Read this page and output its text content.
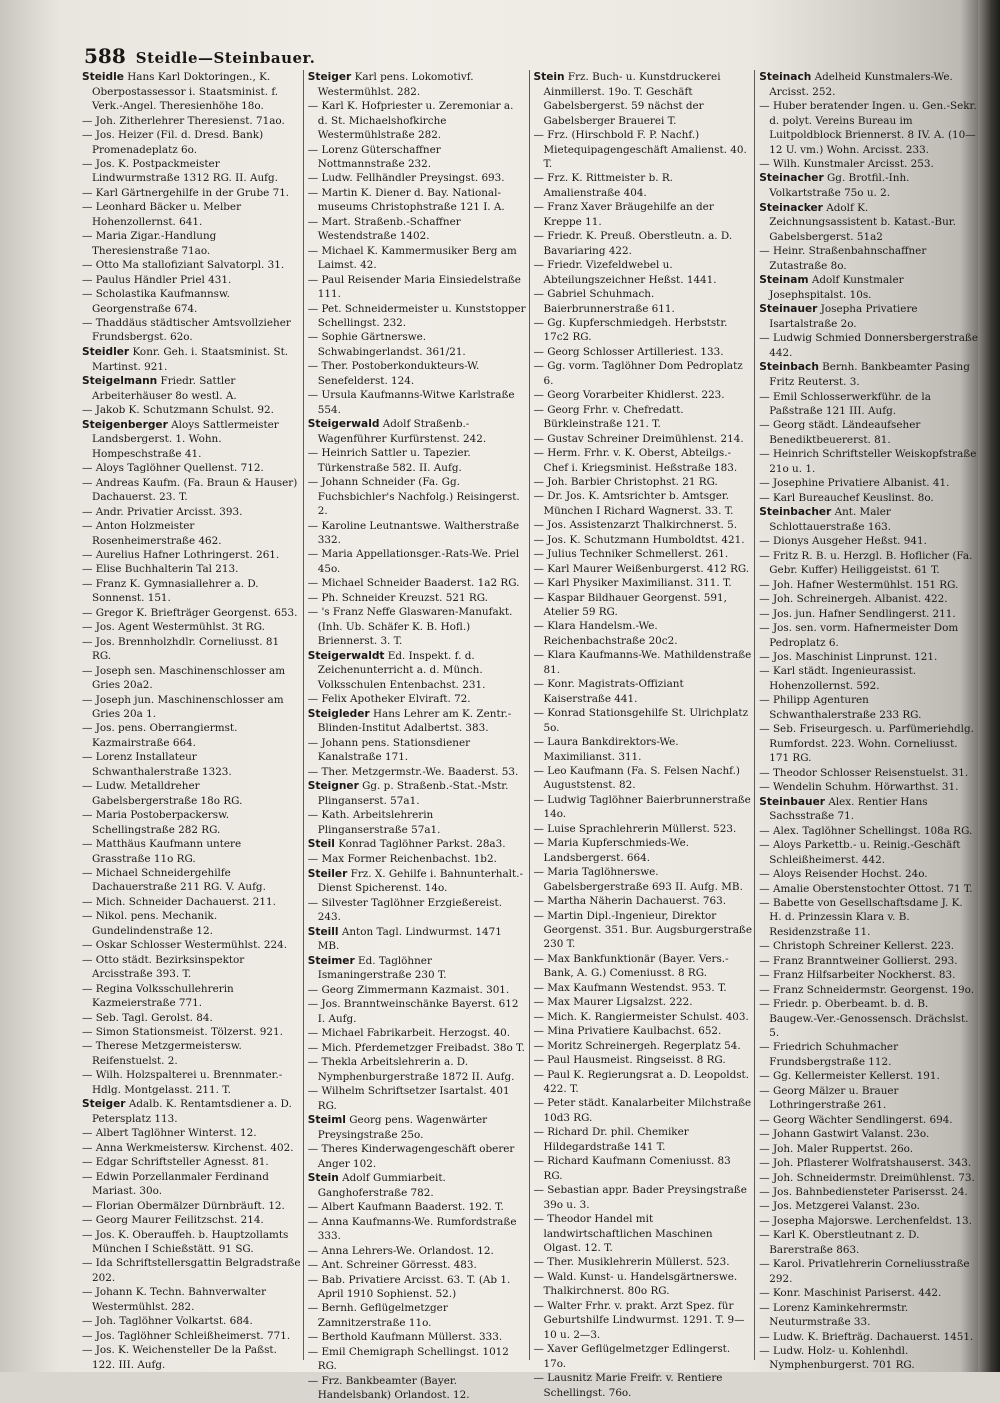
588 Steidle—Steinbauer.

Steidle Hans Karl Doktoringen., K. Oberpostassessor i. Staatsminist. f. Verk.-Angel. Theresienhöhe 18o.

— Joh. Zitherlehrer Theresienst. 71ao.

— Jos. Heizer (Fil. d. Dresd. Bank) Promenadeplatz 6o.

— Jos. K. Postpackmeister Lindwurmstraße 1312 RG. II. Aufg.

— Karl Gärtnergehilfe in der Grube 71.

— Leonhard Bäcker u. Melber Hohenzollernst. 641.

— Maria Zigar.-Handlung Theresienstraße 71ao.

— Otto Ma stallofiziant Salvatorpl. 31.

— Paulus Händler Priel 431.

— Scholastika Kaufmannsw. Georgenstraße 674.

— Thaddäus städtischer Amtsvollzieher Frundsbergst. 62o.

Steidler Konr. Geh. i. Staatsminist. St. Martinst. 921.

Steigelmann Friedr. Sattler Arbeiterhäuser 8o westl. A.

— Jakob K. Schutzmann Schulst. 92.

Steigenberger Aloys Sattlermeister Landsbergerst. 1. Wohn. Hompeschstraße 41.

— Aloys Taglöhner Quellenst. 712.

— Andreas Kaufm. (Fa. Braun & Hauser) Dachauerst. 23. T.

— Andr. Privatier Arcisst. 393.

— Anton Holzmeister Rosenheimerstraße 462.

— Aurelius Hafner Lothringerst. 261.

— Elise Buchhalterin Tal 213.

— Franz K. Gymnasiallehrer a. D. Sonnenst. 151.

— Gregor K. Briefträger Georgenst. 653.

— Jos. Agent Westermühlst. 3t RG.

— Jos. Brennholzhdlr. Corneliusst. 81 RG.

— Joseph sen. Maschinenschlosser am Gries 20a2.

— Joseph jun. Maschinenschlosser am Gries 20a 1.

— Jos. pens. Oberrangiermst. Kazmairstraße 664.

— Lorenz Installateur Schwanthalerstraße 1323.

— Ludw. Metalldreher Gabelsbergerstraße 18o RG.

— Maria Postoberpackersw. Schellingstraße 282 RG.

— Matthäus Kaufmann untere Grasstraße 11o RG.

— Michael Schneidergehilfe Dachauerstraße 211 RG. V. Aufg.

— Mich. Schneider Dachauerst. 211.

— Nikol. pens. Mechanik. Gundelindenstraße 12.

— Oskar Schlosser Westermühlst. 224.

— Otto städt. Bezirksinspektor Arcisstraße 393. T.

— Regina Volksschullehrerin Kazmeierstraße 771.

— Seb. Tagl. Gerolst. 84.

— Simon Stationsmeist. Tölzerst. 921.

— Therese Metzgermeistersw. Reifenstuelst. 2.

— Wilh. Holzspalterei u. Brennmater.-Hdlg. Montgelasst. 211. T.

Steiger Adalb. K. Rentamtsdiener a. D. Petersplatz 113.

— Albert Taglöhner Winterst. 12.

— Anna Werkmeistersw. Kirchenst. 402.

— Edgar Schriftsteller Agnesst. 81.

— Edwin Porzellanmaler Ferdinand Mariast. 30o.

— Florian Obermälzer Dürnbräuft. 12.

— Georg Maurer Feilitzschst. 214.

— Jos. K. Oberauffeh. b. Hauptzollamts München I Schießstätt. 91 SG.

— Ida Schriftstellersgattin Belgradstraße 202.

— Johann K. Techn. Bahnverwalter Westermühlst. 282.

— Joh. Taglöhner Volkartst. 684.

— Jos. Taglöhner Schleißheimerst. 771.

— Jos. K. Weichensteller De la Paßst. 122. III. Aufg.

Steiger Karl pens. Lokomotivf. Westermühlst. 282.

— Karl K. Hofpriester u. Zeremoniar a. d. St. Michaelshofkirche Westermühlstraße 282.

— Lorenz Güterschaffner Nottmannstraße 232.

— Ludw. Fellhändler Preysingst. 693.

— Martin K. Diener d. Bay. National-museums Christophstraße 121 I. A.

— Mart. Straßenb.-Schaffner Westendstraße 1402.

— Michael K. Kammermusiker Berg am Laimst. 42.

— Paul Reisender Maria Einsiedelstraße 111.

— Pet. Schneidermeister u. Kunststopper Schellingst. 232.

— Sophie Gärtnerswe. Schwabingerlandst. 361/21.

— Ther. Postoberkondukteurs-W. Senefelderst. 124.

— Ursula Kaufmanns-Witwe Karlstraße 554.

Steigerwald Adolf Straßenb.-Wagenführer Kurfürstenst. 242.

— Heinrich Sattler u. Tapezier. Türkenstraße 582. II. Aufg.

— Johann Schneider (Fa. Gg. Fuchsbichler's Nachfolg.) Reisingerst. 2.

— Karoline Leutnantswe. Waltherstraße 332.

— Maria Appellationsger.-Rats-We. Priel 45o.

— Michael Schneider Baaderst. 1a2 RG.

— Ph. Schneider Kreuzst. 521 RG.

— 's Franz Neffe Glaswaren-Manufakt. (Inh. Ub. Schäfer K. B. Hofl.) Briennerst. 3. T.

Steigerwaldt Ed. Inspekt. f. d. Zeichenunterricht a. d. Münch. Volksschulen Entenbachst. 231.

— Felix Apotheker Elviraft. 72.

Steigleder Hans Lehrer am K. Zentr.-Blinden-Institut Adalbertst. 383.

— Johann pens. Stationsdiener Kanalstraße 171.

— Ther. Metzgermstr.-We. Baaderst. 53.

Steigner Gg. p. Straßenb.-Stat.-Mstr. Plinganserst. 57a1.

— Kath. Arbeitslehrerin Plinganserstraße 57a1.

Steil Konrad Taglöhner Parkst. 28a3.

— Max Former Reichenbachst. 1b2.

Steiler Frz. X. Gehilfe i. Bahnunterhalt.-Dienst Spicherenst. 14o.

— Silvester Taglöhner Erzgießereist. 243.

Steill Anton Tagl. Lindwurmst. 1471 MB.

Steimer Ed. Taglöhner Ismaningerstraße 230 T.

— Georg Zimmermann Kazmaist. 301.

— Jos. Branntweinschänke Bayerst. 612 I. Aufg.

— Michael Fabrikarbeit. Herzogst. 40.

— Mich. Pferdemetzger Freibadst. 38o T.

— Thekla Arbeitslehrerin a. D. Nymphenburgerstraße 1872 II. Aufg.

— Wilhelm Schriftsetzer Isartalst. 401 RG.

Steiml Georg pens. Wagenwärter Preysingstraße 25o.

— Theres Kinderwagengeschäft oberer Anger 102.

Stein Adolf Gummiarbeit. Ganghoferstraße 782.

— Albert Kaufmann Baaderst. 192. T.

— Anna Kaufmanns-We. Rumfordstraße 333.

— Anna Lehrers-We. Orlandost. 12.

— Ant. Schreiner Görresst. 483.

— Bab. Privatiere Arcisst. 63. T. (Ab 1. April 1910 Sophienst. 52.)

— Bernh. Geflügelmetzger Zamnitzerstraße 11o.

— Berthold Kaufmann Müllerst. 333.

— Emil Chemigraph Schellingst. 1012 RG.

— Frz. Bankbeamter (Bayer. Handelsbank) Orlandost. 12.

Stein Frz. Buch- u. Kunstdruckerei Ainmillerst. 19o. T. Geschäft Gabelsbergerst. 59 nächst der Gabelsberger Brauerei T.

— Frz. (Hirschbold F. P. Nachf.) Mietequipagengeschäft Amalienst. 40. T.

— Frz. K. Rittmeister b. R. Amalienstraße 404.

— Franz Xaver Bräugehilfe an der Kreppe 11.

— Friedr. K. Preuß. Oberstleutn. a. D. Bavariaring 422.

— Friedr. Vizefeldwebel u. Abteilungszeichner Heßst. 1441.

— Gabriel Schuhmach. Baierbrunnerstraße 611.

— Gg. Kupferschmiedgeh. Herbststr. 17c2 RG.

— Georg Schlosser Artilleriest. 133.

— Gg. vorm. Taglöhner Dom Pedroplatz 6.

— Georg Vorarbeiter Khidlerst. 223.

— Georg Frhr. v. Chefredatt. Bürkleinstraße 121. T.

— Gustav Schreiner Dreimühlenst. 214.

— Herm. Frhr. v. K. Oberst, Abteilgs.-Chef i. Kriegsminist. Heßstraße 183.

— Joh. Barbier Christophst. 21 RG.

— Dr. Jos. K. Amtsrichter b. Amtsger. München I Richard Wagnerst. 33. T.

— Jos. Assistenzarzt Thalkirchnerst. 5.

— Jos. K. Schutzmann Humboldtst. 421.

— Julius Techniker Schmellerst. 261.

— Karl Maurer Weißenburgerst. 412 RG.

— Karl Physiker Maximilianst. 311. T.

— Kaspar Bildhauer Georgenst. 591, Atelier 59 RG.

— Klara Handelsm.-We. Reichenbachstraße 20c2.

— Klara Kaufmanns-We. Mathildenstraße 81.

— Konr. Magistrats-Offiziant Kaiserstraße 441.

— Konrad Stationsgehilfe St. Ulrichplatz 5o.

— Laura Bankdirektors-We. Maximilianst. 311.

— Leo Kaufmann (Fa. S. Felsen Nachf.) Auguststenst. 82.

— Ludwig Taglöhner Baierbrunnerstraße 14o.

— Luise Sprachlehrerin Müllerst. 523.

— Maria Kupferschmieds-We. Landsbergerst. 664.

— Maria Taglöhnerswe. Gabelsbergerstraße 693 II. Aufg. MB.

— Martha Näherin Dachauerst. 763.

— Martin Dipl.-Ingenieur, Direktor Georgenst. 351. Bur. Augsburgerstraße 230 T.

— Max Bankfunktionär (Bayer. Vers.-Bank, A. G.) Comeniusst. 8 RG.

— Max Kaufmann Westendst. 953. T.

— Max Maurer Ligsalzst. 222.

— Mich. K. Rangiermeister Schulst. 403.

— Mina Privatiere Kaulbachst. 652.

— Moritz Schreinergeh. Regerplatz 54.

— Paul Hausmeist. Ringseisst. 8 RG.

— Paul K. Regierungsrat a. D. Leopoldst. 422. T.

— Peter städt. Kanalarbeiter Milchstraße 10d3 RG.

— Richard Dr. phil. Chemiker Hildegardstraße 141 T.

— Richard Kaufmann Comeniusst. 83 RG.

— Sebastian appr. Bader Preysingstraße 39o u. 3.

— Theodor Handel mit landwirtschaftlichen Maschinen Olgast. 12. T.

— Ther. Musiklehrerin Müllerst. 523.

— Wald. Kunst- u. Handelsgärtnerswe. Thalkirchnerst. 80o RG.

— Walter Frhr. v. prakt. Arzt Spez. für Geburtshilfe Lindwurmst. 1291. T. 9—10 u. 2—3.

— Xaver Geflügelmetzger Edlingerst. 17o.

— Lausnitz Marie Freifr. v. Rentiere Schellingst. 76o.

Steinach Adelheid Kunstmalers-We. Arcisst. 252.

— Huber beratender Ingen. u. Gen.-Sekr. d. polyt. Vereins Bureau im Luitpoldblock Briennerst. 8 IV. A. (10—12 U. vm.) Wohn. Arcisst. 233.

— Wilh. Kunstmaler Arcisst. 253.

Steinacher Gg. Brotfil.-Inh. Volkartstraße 75o u. 2.

Steinacker Adolf K. Zeichnungsassistent b. Katast.-Bur. Gabelsbergerst. 51a2

— Heinr. Straßenbahnschaffner Zutastraße 8o.

Steinam Adolf Kunstmaler Josephspitalst. 10s.

Steinauer Josepha Privatiere Isartalstraße 2o.

— Ludwig Schmied Donnersbergerstraße 442.

Steinbach Bernh. Bankbeamter Pasing Fritz Reuterst. 3.

— Emil Schlosserwerkführ. de la Paßstraße 121 III. Aufg.

— Georg städt. Ländeaufseher Benediktbeuererst. 81.

— Heinrich Schriftsteller Weiskopfstraße 21o u. 1.

— Josephine Privatiere Albanist. 41.

— Karl Bureauchef Keuslinst. 8o.

Steinbacher Ant. Maler Schlottauerstraße 163.

— Dionys Ausgeher Heßst. 941.

— Fritz R. B. u. Herzgl. B. Hoflicher (Fa. Gebr. Kuffer) Heiliggeistst. 61 T.

— Joh. Hafner Westermühlst. 151 RG.

— Joh. Schreinergeh. Albanist. 422.

— Jos. jun. Hafner Sendlingerst. 211.

— Jos. sen. vorm. Hafnermeister Dom Pedroplatz 6.

— Jos. Maschinist Linprunst. 121.

— Karl städt. Ingenieurassist. Hohenzollernst. 592.

— Philipp Agenturen Schwanthalerstraße 233 RG.

— Seb. Friseurgesch. u. Parfümeriehdlg. Rumfordst. 223. Wohn. Corneliusst. 171 RG.

— Theodor Schlosser Reisenstuelst. 31.

— Wendelin Schuhm. Hörwarthst. 31.

Steinbauer Alex. Rentier Hans Sachsstraße 71.

— Alex. Taglöhner Schellingst. 108a RG.

— Aloys Parkettb.- u. Reinig.-Geschäft Schleißheimerst. 442.

— Aloys Reisender Hochst. 24o.

— Amalie Oberstenstochter Ottost. 71 T.

— Babette von Gesellschaftsdame J. K. H. d. Prinzessin Klara v. B. Residenzstraße 11.

— Christoph Schreiner Kellerst. 223.

— Franz Branntweiner Gollierst. 293.

— Franz Hilfsarbeiter Nockherst. 83.

— Franz Schneidermstr. Georgenst. 19o.

— Friedr. p. Oberbeamt. b. d. B. Baugew.-Ver.-Genossensch. Drächslst. 5.

— Friedrich Schuhmacher Frundsbergstraße 112.

— Gg. Kellermeister Kellerst. 191.

— Georg Mälzer u. Brauer Lothringerstraße 261.

— Georg Wächter Sendlingerst. 694.

— Johann Gastwirt Valanst. 23o.

— Joh. Maler Ruppertst. 26o.

— Joh. Pflasterer Wolfratshauserst. 343.

— Joh. Schneidermstr. Dreimühlenst. 73.

— Jos. Bahnbediensteter Parisersst. 24.

— Jos. Metzgerei Valanst. 23o.

— Josepha Majorswe. Lerchenfeldst. 13.

— Karl K. Oberstleutnant z. D. Barerstraße 863.

— Karol. Privatlehrerin Corneliusstraße 292.

— Konr. Maschinist Pariserst. 442.

— Lorenz Kaminkehrermstr. Neuturmstraße 33.

— Ludw. K. Briefträg. Dachauerst. 1451.

— Ludw. Holz- u. Kohlenhdl. Nymphenburgerst. 701 RG.
